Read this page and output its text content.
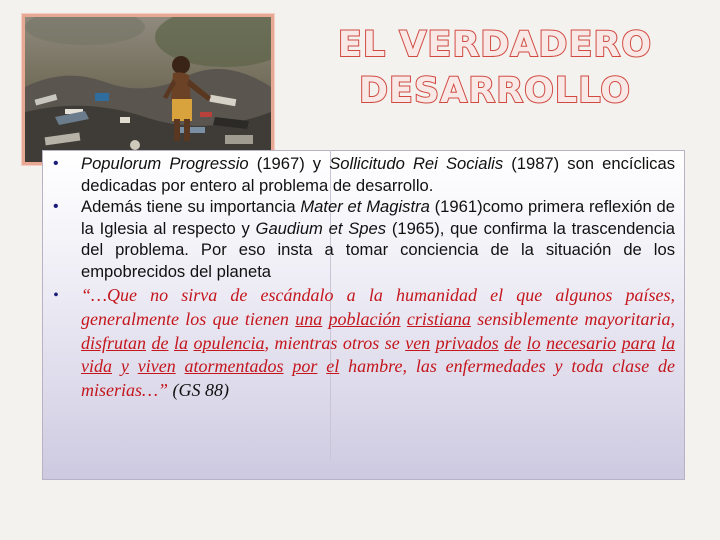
EL VERDADERO
DESARROLLO
• Populorum Progressio (1967) y Sollicitudo Rei Socialis (1987) son encíclicas dedicadas por entero al problema de desarrollo.
• Además tiene su importancia Mater et Magistra (1961)como primera reflexión de la Iglesia al respecto y Gaudium et Spes (1965), que confirma la trascendencia del problema. Por eso insta a tomar conciencia de la situación de los empobrecidos del planeta
• “…Que no sirva de escándalo a la humanidad el que algunos países, generalmente los que tienen una población cristiana sensiblemente mayoritaria, disfrutan de la opulencia, mientras otros se ven privados de lo necesario para la vida y viven atormentados por el hambre, las enfermedades y toda clase de miserias…” (GS 88)
